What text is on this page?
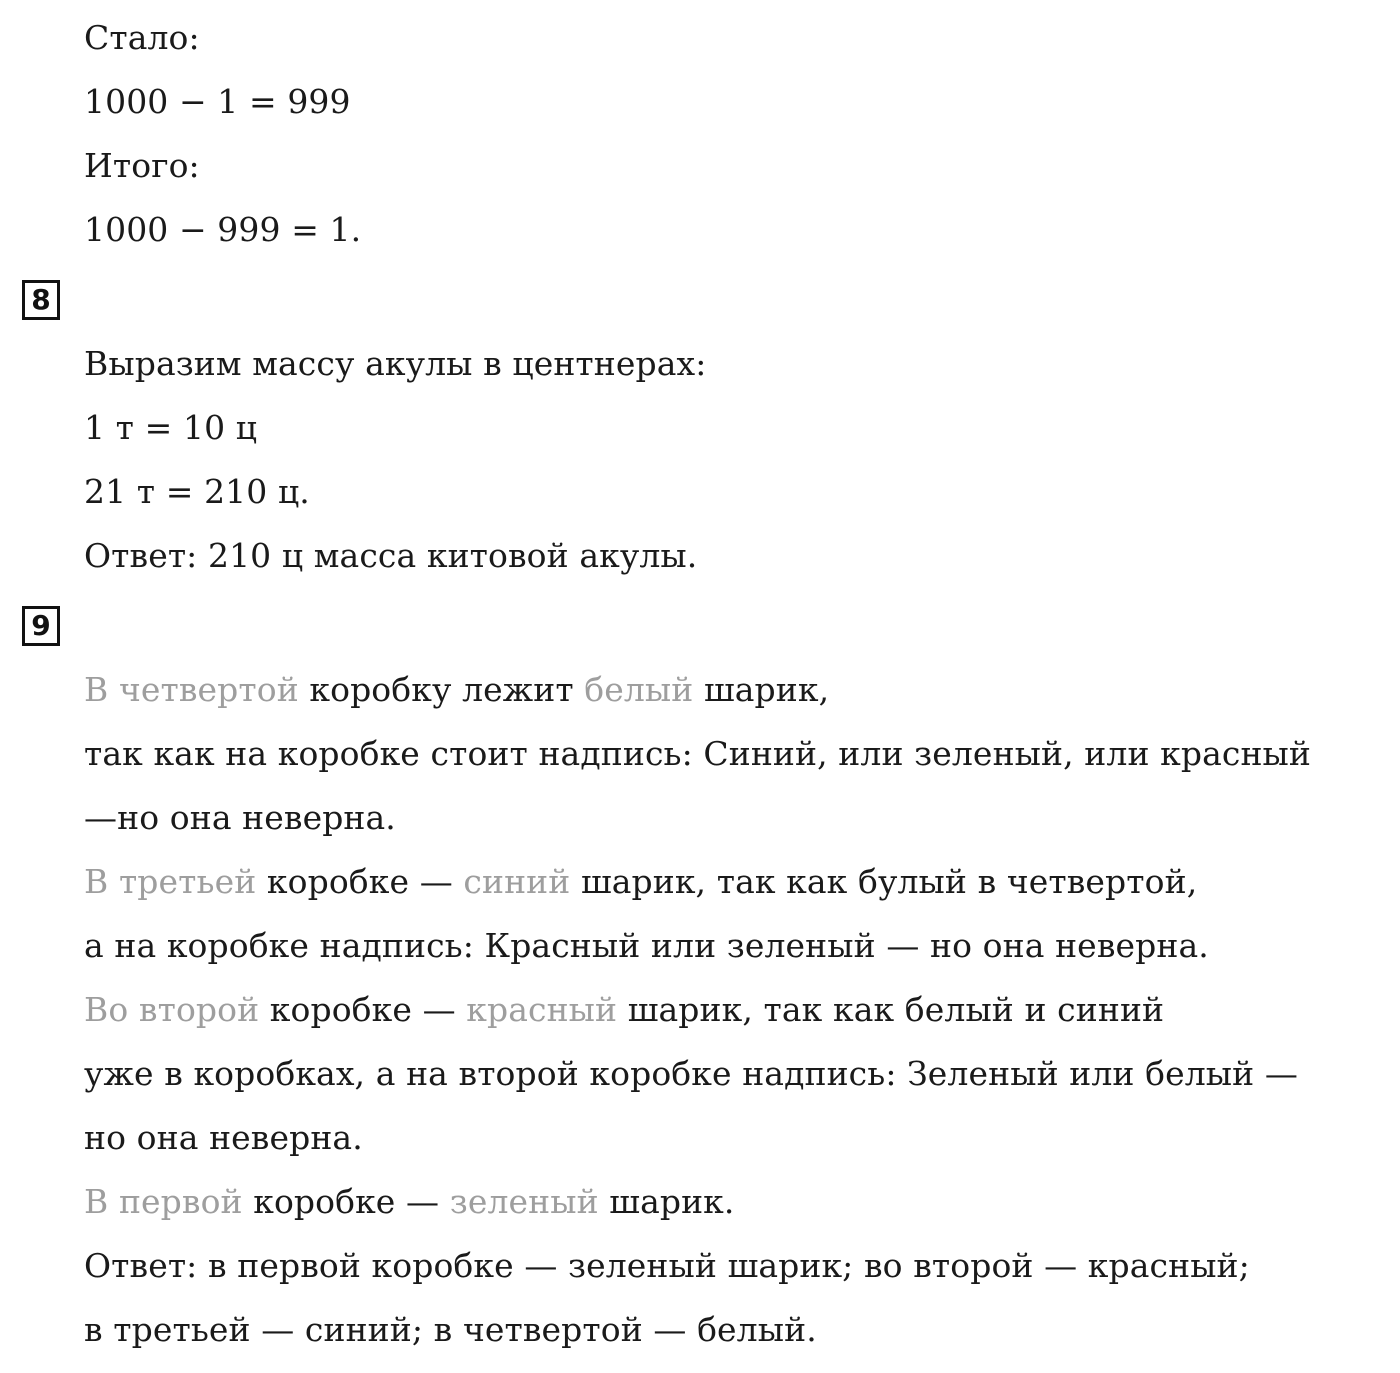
Стало:
1000 − 1 = 999
Итого:
1000 − 999 = 1.
8
Выразим массу акулы в центнерах:
1 т = 10 ц
21 т = 210 ц.
Ответ: 210 ц масса китовой акулы.
9
В четвертой коробку лежит белый шарик,
так как на коробке стоит надпись: Синий, или зеленый, или красный
—но она неверна.
В третьей коробке — синий шарик, так как булый в четвертой,
а на коробке надпись: Красный или зеленый — но она неверна.
Во второй коробке — красный шарик, так как белый и синий
уже в коробках, а на второй коробке надпись: Зеленый или белый —
но она неверна.
В первой коробке — зеленый шарик.
Ответ: в первой коробке — зеленый шарик; во второй — красный;
в третьей — синий; в четвертой — белый.
